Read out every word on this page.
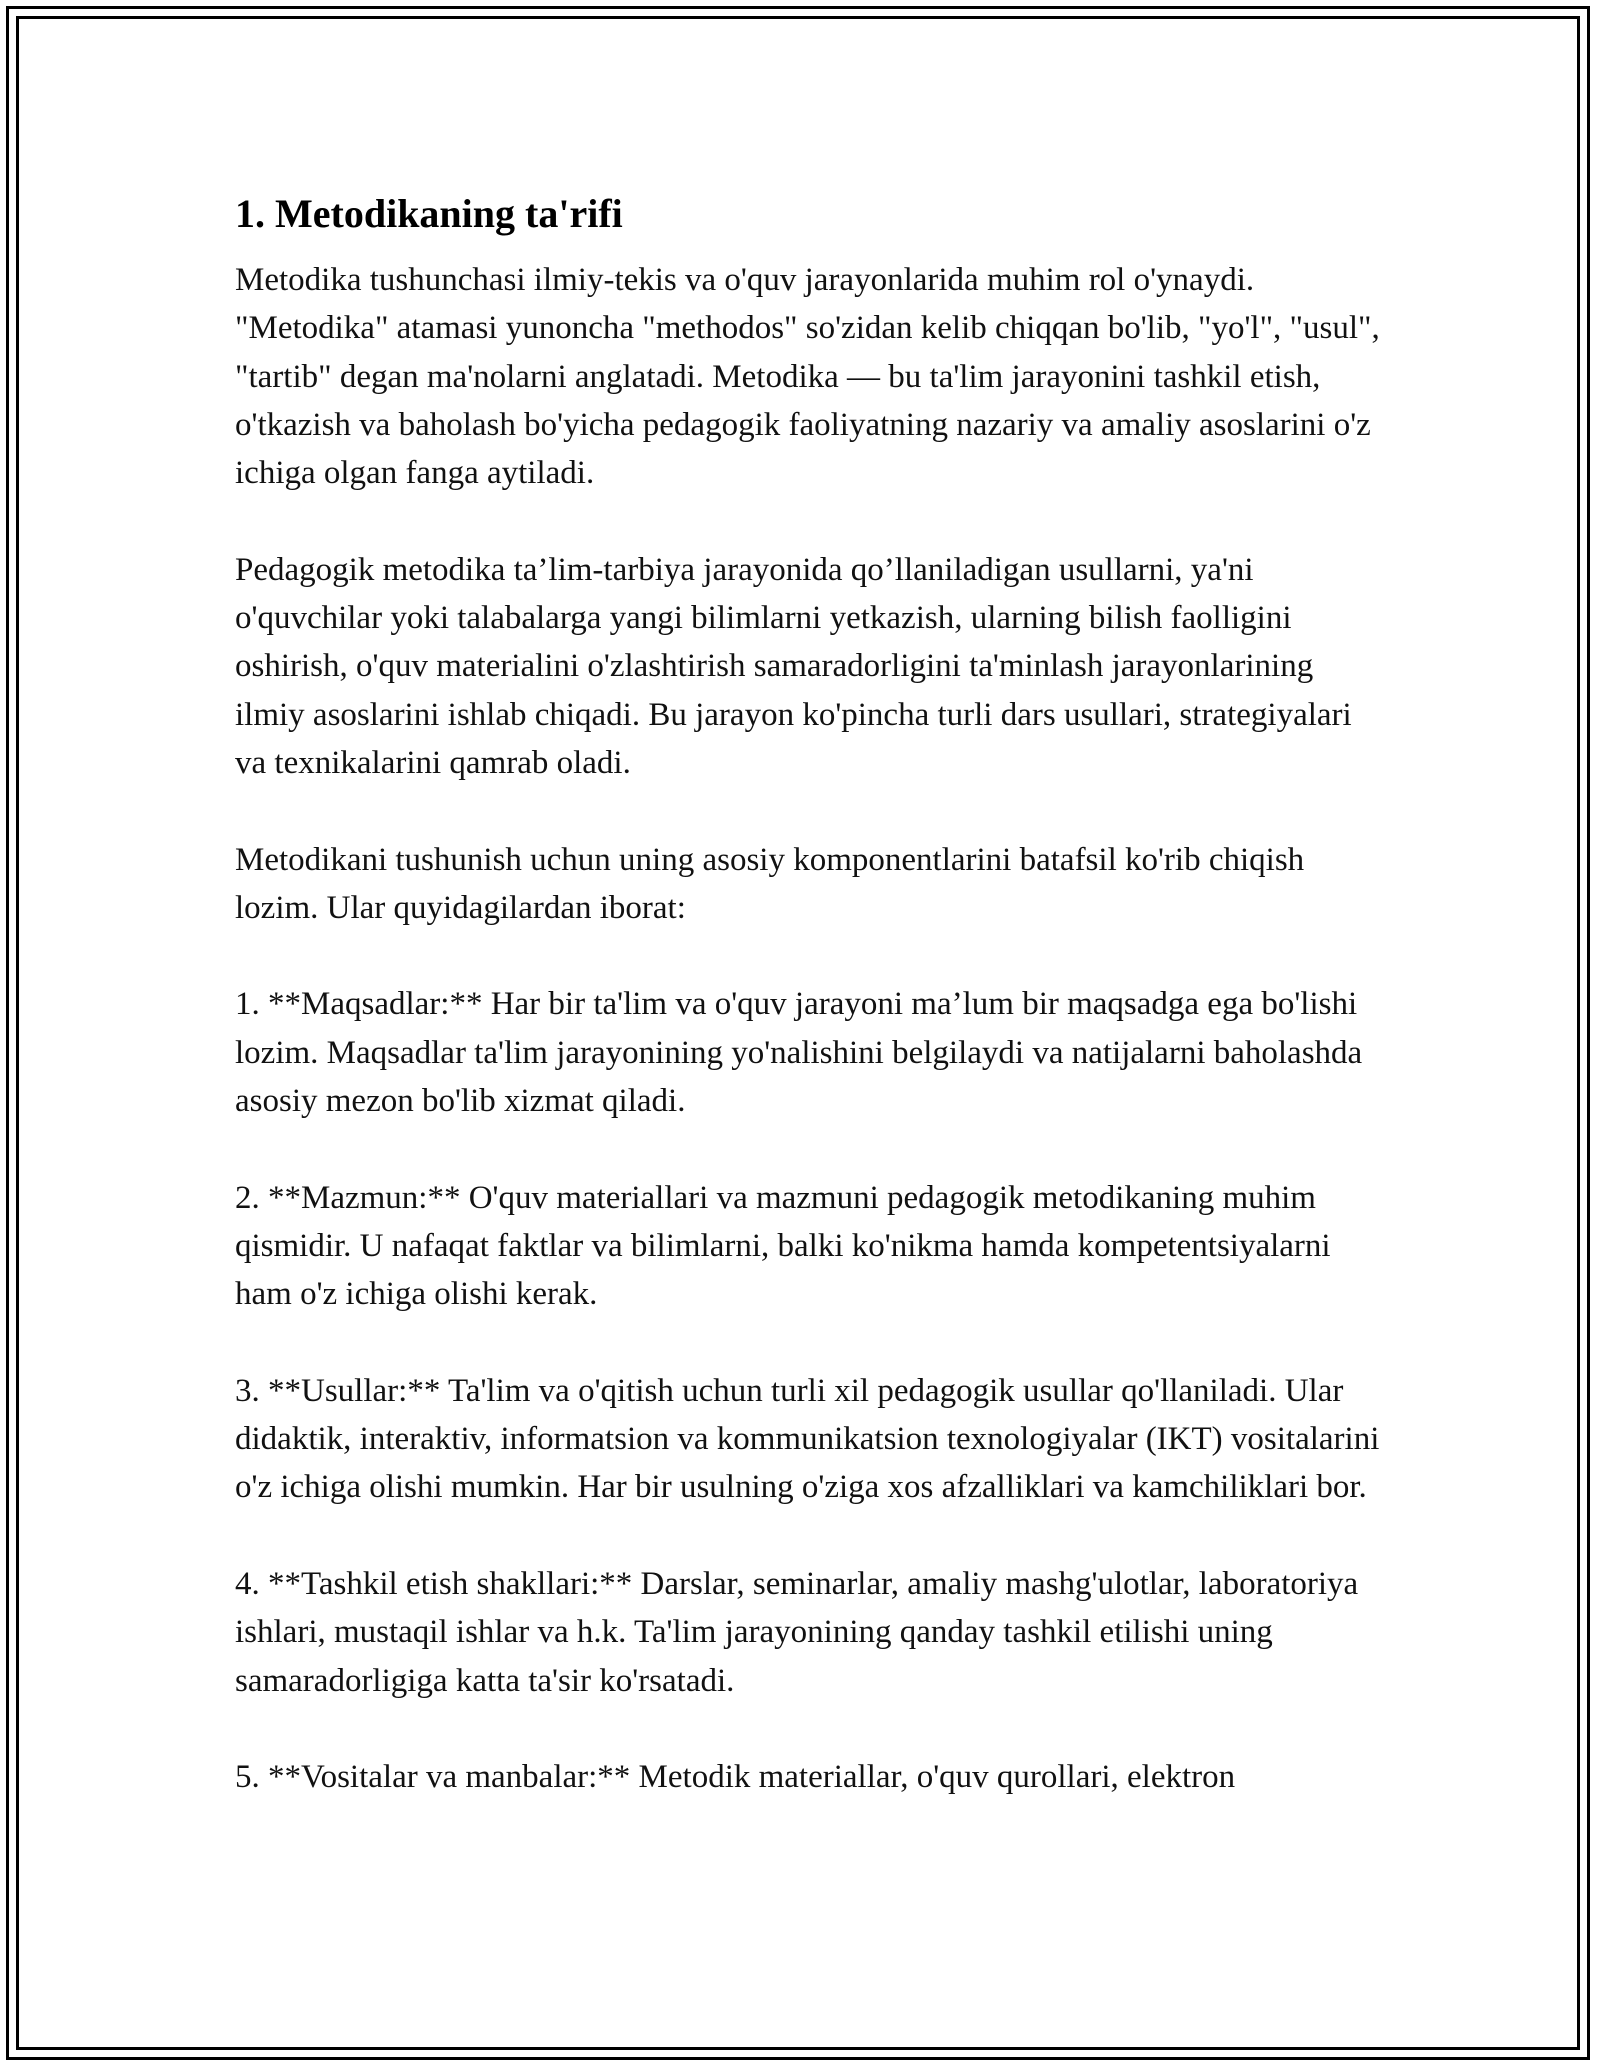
1. Metodikaning ta'rifi

Metodika tushunchasi ilmiy-tekis va o'quv jarayonlarida muhim rol o'ynaydi. "Metodika" atamasi yunoncha "methodos" so'zidan kelib chiqqan bo'lib, "yo'l", "usul", "tartib" degan ma'nolarni anglatadi. Metodika — bu ta'lim jarayonini tashkil etish, o'tkazish va baholash bo'yicha pedagogik faoliyatning nazariy va amaliy asoslarini o'z ichiga olgan fanga aytiladi.

Pedagogik metodika ta’lim-tarbiya jarayonida qo’llaniladigan usullarni, ya'ni o'quvchilar yoki talabalarga yangi bilimlarni yetkazish, ularning bilish faolligini oshirish, o'quv materialini o'zlashtirish samaradorligini ta'minlash jarayonlarining ilmiy asoslarini ishlab chiqadi. Bu jarayon ko'pincha turli dars usullari, strategiyalari va texnikalarini qamrab oladi.

Metodikani tushunish uchun uning asosiy komponentlarini batafsil ko'rib chiqish lozim. Ular quyidagilardan iborat:

1. **Maqsadlar:** Har bir ta'lim va o'quv jarayoni ma’lum bir maqsadga ega bo'lishi lozim. Maqsadlar ta'lim jarayonining yo'nalishini belgilaydi va natijalarni baholashda asosiy mezon bo'lib xizmat qiladi.

2. **Mazmun:** O'quv materiallari va mazmuni pedagogik metodikaning muhim qismidir. U nafaqat faktlar va bilimlarni, balki ko'nikma hamda kompetentsiyalarni ham o'z ichiga olishi kerak.

3. **Usullar:** Ta'lim va o'qitish uchun turli xil pedagogik usullar qo'llaniladi. Ular didaktik, interaktiv, informatsion va kommunikatsion texnologiyalar (IKT) vositalarini o'z ichiga olishi mumkin. Har bir usulning o'ziga xos afzalliklari va kamchiliklari bor.

4. **Tashkil etish shakllari:** Darslar, seminarlar, amaliy mashg'ulotlar, laboratoriya ishlari, mustaqil ishlar va h.k. Ta'lim jarayonining qanday tashkil etilishi uning samaradorligiga katta ta'sir ko'rsatadi.

5. **Vositalar va manbalar:** Metodik materiallar, o'quv qurollari, elektron
